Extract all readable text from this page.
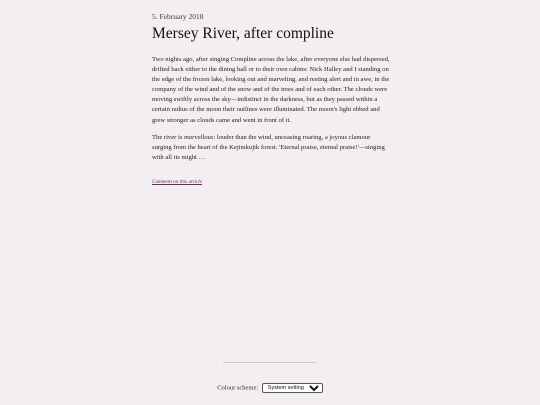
5. February 2018

Mersey River, after compline

Two nights ago, after singing Compline across the lake, after everyone else had dispersed, drifted back either to the dining hall or to their own cabins: Nick Halley and I standing on the edge of the frozen lake, looking out and marveling, and resting alert and in awe, in the company of the wind and of the snow and of the trees and of each other. The clouds were moving swiftly across the sky—indistinct in the darkness, but as they passed within a certain radius of the moon their outlines were illuminated. The moon's light ebbed and grew stronger as clouds came and went in front of it.

The river is marvellous: louder than the wind, unceasing roaring, a joyous clamour surging from the heart of the Kejimkujik forest. 'Eternal praise, eternal praise!'—singing with all its might …

Comment on this article
Colour scheme:
System setting
